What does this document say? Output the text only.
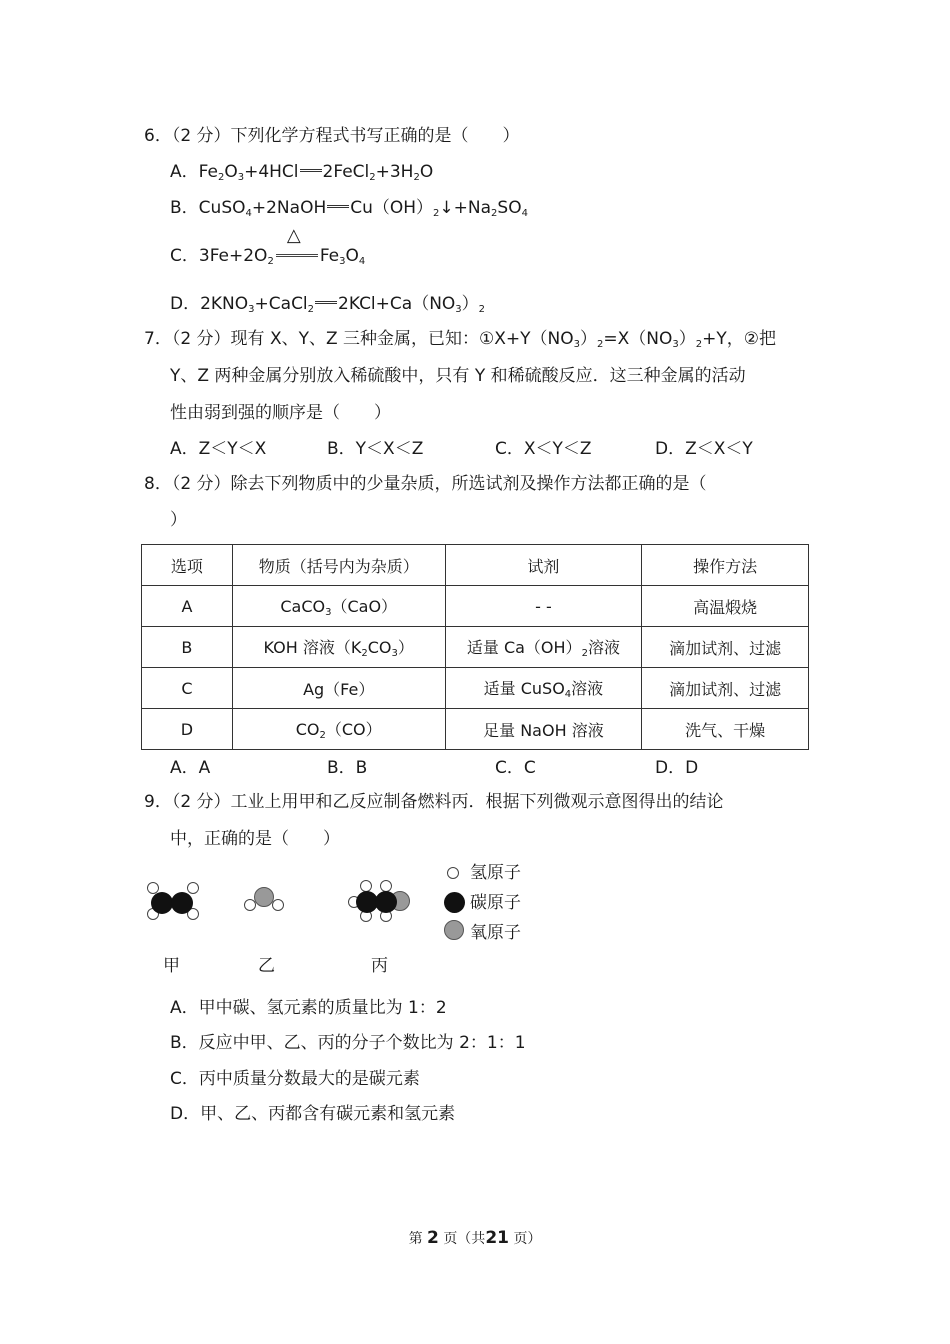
6．（2 分）下列化学方程式书写正确的是（　　）
A．$Fe_2O_3+4HCl$ $2FeCl_2+3H_2O$
B．CuSO$_4$+2NaOH $Cu(OH)_2↓+Na_2SO_4$
C．$3Fe+2O_2$
△
$Fe_3O_4$
D．$2KNO_3+CaCl_2$ $2KCl+Ca(NO_3)_2$
7．（2 分）现有 X、Y、Z 三种金属，已知：$①X+Y(NO_3)_2=X(NO_3)_2+Y$，②把
Y、Z 两种金属分别放入稀硫酸中，只有 Y 和稀硫酸反应．这三种金属的活动
性由弱到强的顺序是（　　）
A．Z＜Y＜X	B．Y＜X＜Z	C．X＜Y＜Z	D．Z＜X＜Y
8．（2 分）除去下列物质中的少量杂质，所选试剂及操作方法都正确的是（
）
选项	物质（括号内为杂质）	试剂	操作方法
A	CaCO$_3$（CaO）	- -	高温煅烧
B	KOH 溶液$(K_2CO_3)$	适量 $Ca(OH)_2$溶液	滴加试剂、过滤
C	Ag（Fe）	适量 CuSO$_4$溶液	滴加试剂、过滤
D	$CO_2(CO)$	足量 NaOH 溶液	洗气、干燥
A．A	B．B	C．C	D．D
9．（2 分）工业上用甲和乙反应制备燃料丙．根据下列微观示意图得出的结论
中，正确的是（　　）
氢原子
碳原子
氧原子
甲	乙	丙
A．甲中碳、氢元素的质量比为 1：2
B．反应中甲、乙、丙的分子个数比为 2：1：1
C．丙中质量分数最大的是碳元素
D．甲、乙、丙都含有碳元素和氢元素
第 2 页（共21 页）
